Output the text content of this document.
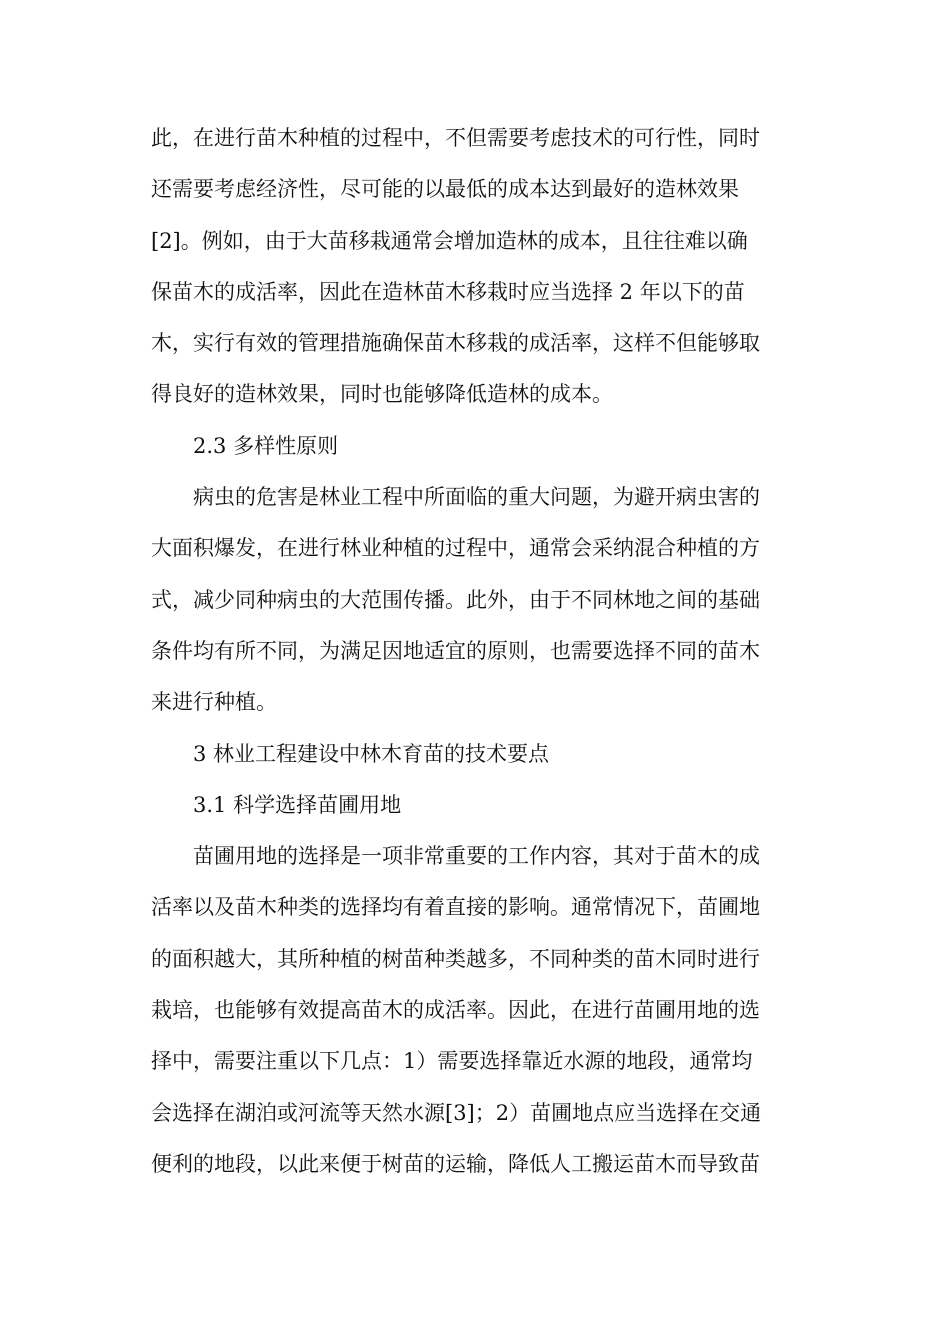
此，在进行苗木种植的过程中，不但需要考虑技术的可行性，同时
还需要考虑经济性，尽可能的以最低的成本达到最好的造林效果
[2]。例如，由于大苗移栽通常会增加造林的成本，且往往难以确
保苗木的成活率，因此在造林苗木移栽时应当选择 2 年以下的苗
木，实行有效的管理措施确保苗木移栽的成活率，这样不但能够取
得良好的造林效果，同时也能够降低造林的成本。
2.3 多样性原则
病虫的危害是林业工程中所面临的重大问题，为避开病虫害的
大面积爆发，在进行林业种植的过程中，通常会采纳混合种植的方
式，减少同种病虫的大范围传播。此外，由于不同林地之间的基础
条件均有所不同，为满足因地适宜的原则，也需要选择不同的苗木
来进行种植。
3 林业工程建设中林木育苗的技术要点
3.1 科学选择苗圃用地
苗圃用地的选择是一项非常重要的工作内容，其对于苗木的成
活率以及苗木种类的选择均有着直接的影响。通常情况下，苗圃地
的面积越大，其所种植的树苗种类越多，不同种类的苗木同时进行
栽培，也能够有效提高苗木的成活率。因此，在进行苗圃用地的选
择中，需要注重以下几点：1）需要选择靠近水源的地段，通常均
会选择在湖泊或河流等天然水源[3]；2）苗圃地点应当选择在交通
便利的地段，以此来便于树苗的运输，降低人工搬运苗木而导致苗
